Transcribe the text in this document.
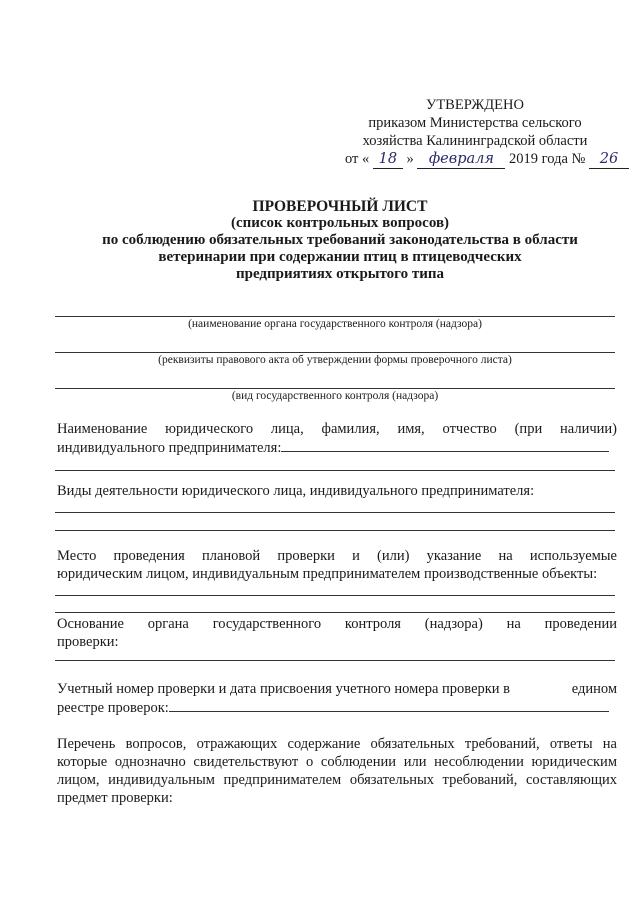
УТВЕРЖДЕНО
приказом Министерства сельского
хозяйства Калининградской области
от « 18 » февраля 2019 года № 26
ПРОВЕРОЧНЫЙ ЛИСТ
(список контрольных вопросов)
по соблюдению обязательных требований законодательства в области
ветеринарии при содержании птиц в птицеводческих
предприятиях открытого типа
(наименование органа государственного контроля (надзора)
(реквизиты правового акта об утверждении формы проверочного листа)
(вид государственного контроля (надзора)
Наименование юридического лица, фамилия, имя, отчество (при наличии)
индивидуального предпринимателя:
Виды деятельности юридического лица, индивидуального предпринимателя:
Место проведения плановой проверки и (или) указание на используемые
юридическим лицом, индивидуальным предпринимателем производственные объекты:
Основание органа государственного контроля (надзора) на проведении
проверки:
Учетный номер проверки и дата присвоения учетного номера проверки в	едином
реестре проверок:
Перечень вопросов, отражающих содержание обязательных требований, ответы на
которые однозначно свидетельствуют о соблюдении или несоблюдении юридическим
лицом, индивидуальным предпринимателем обязательных требований, составляющих
предмет проверки:
